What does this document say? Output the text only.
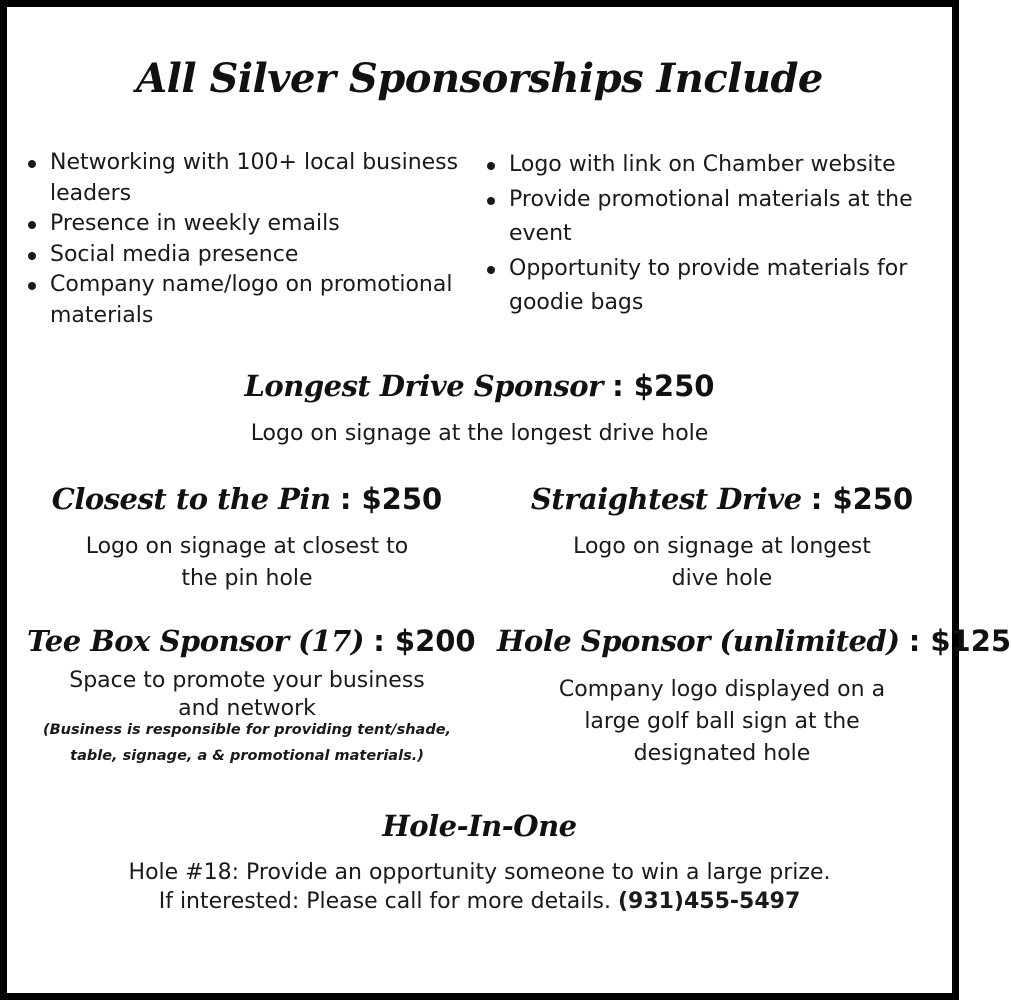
All Silver Sponsorships Include
Networking with 100+ local business leaders
Presence in weekly emails
Social media presence
Company name/logo on promotional materials
Logo with link on Chamber website
Provide promotional materials at the event
Opportunity to provide materials for goodie bags
Longest Drive Sponsor : $250
Logo on signage at the longest drive hole
Closest to the Pin : $250
Logo on signage at closest to the pin hole
Straightest Drive : $250
Logo on signage at longest dive hole
Tee Box Sponsor (17) : $200
Space to promote your business and network
(Business is responsible for providing tent/shade, table, signage, a & promotional materials.)
Hole Sponsor (unlimited) : $125
Company logo displayed on a large golf ball sign at the designated hole
Hole-In-One
Hole #18: Provide an opportunity someone to win a large prize.
If interested: Please call for more details. (931)455-5497
